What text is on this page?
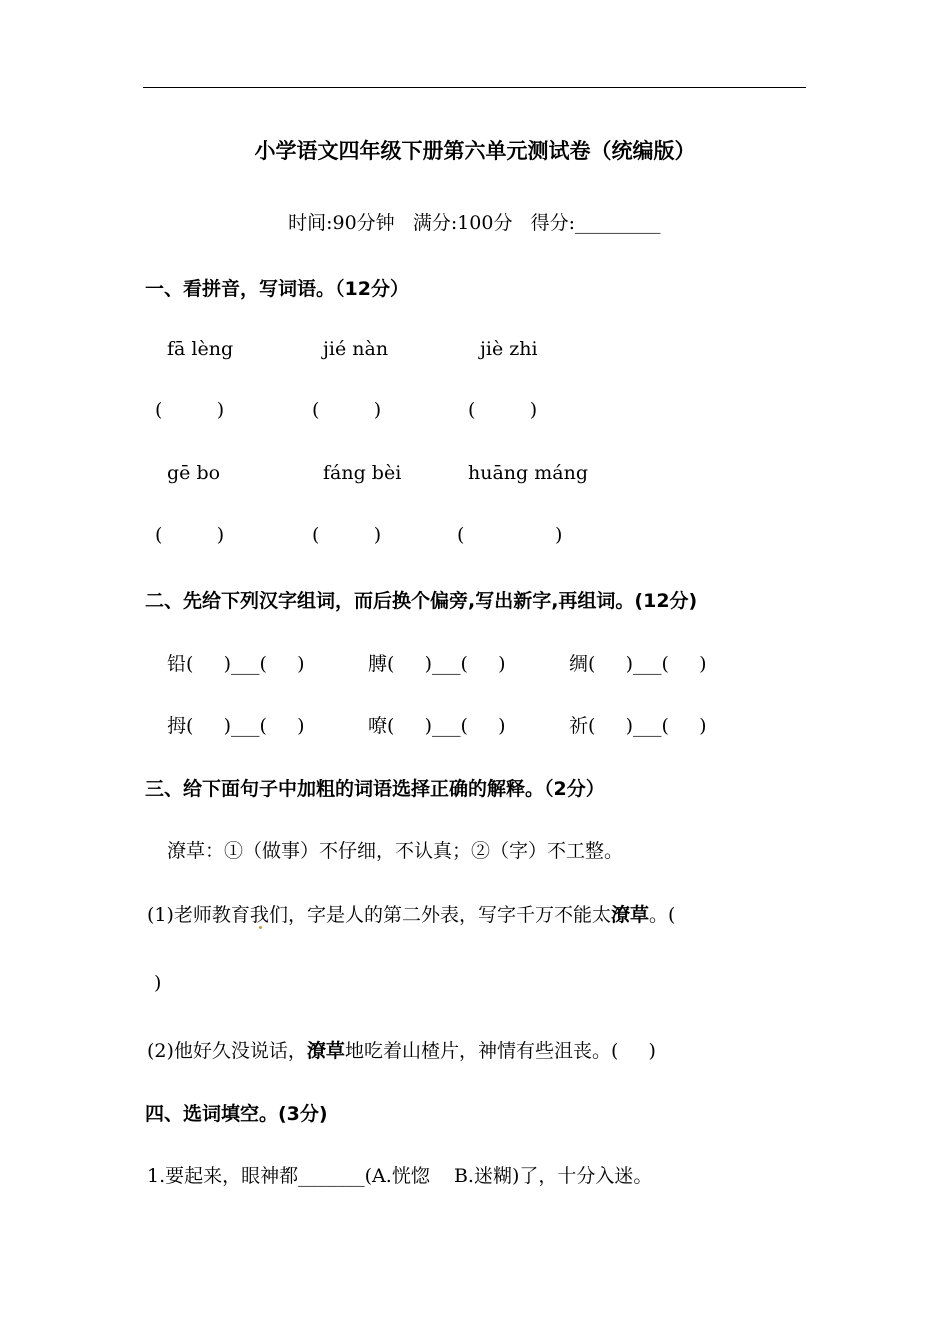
小学语文四年级下册第六单元测试卷（统编版）

时间:90分钟 满分:100分 得分:_________

一、看拼音，写词语。（12分）
fā lèng	jié nàn	jiè zhi
(         )	(         )	(         )
gē bo	fáng bèi	huāng máng
(         )	(         )	(               )
二、先给下列汉字组词，而后换个偏旁,写出新字,再组词。(12分)
铅(     )___(     )	膊(     )___(     )	绸(     )___(     )
拇(     )___(     )	嘹(     )___(     )	祈(     )___(     )
三、给下面句子中加粗的词语选择正确的解释。（2分）
潦草：①（做事）不仔细，不认真；②（字）不工整。
(1)老师教育我们，字是人的第二外表，写字千万不能太潦草。(
)
(2)他好久没说话，潦草地吃着山楂片，神情有些沮丧。(     )
四、选词填空。(3分)
1.要起来，眼神都_______(A.恍惚    B.迷糊)了，十分入迷。
